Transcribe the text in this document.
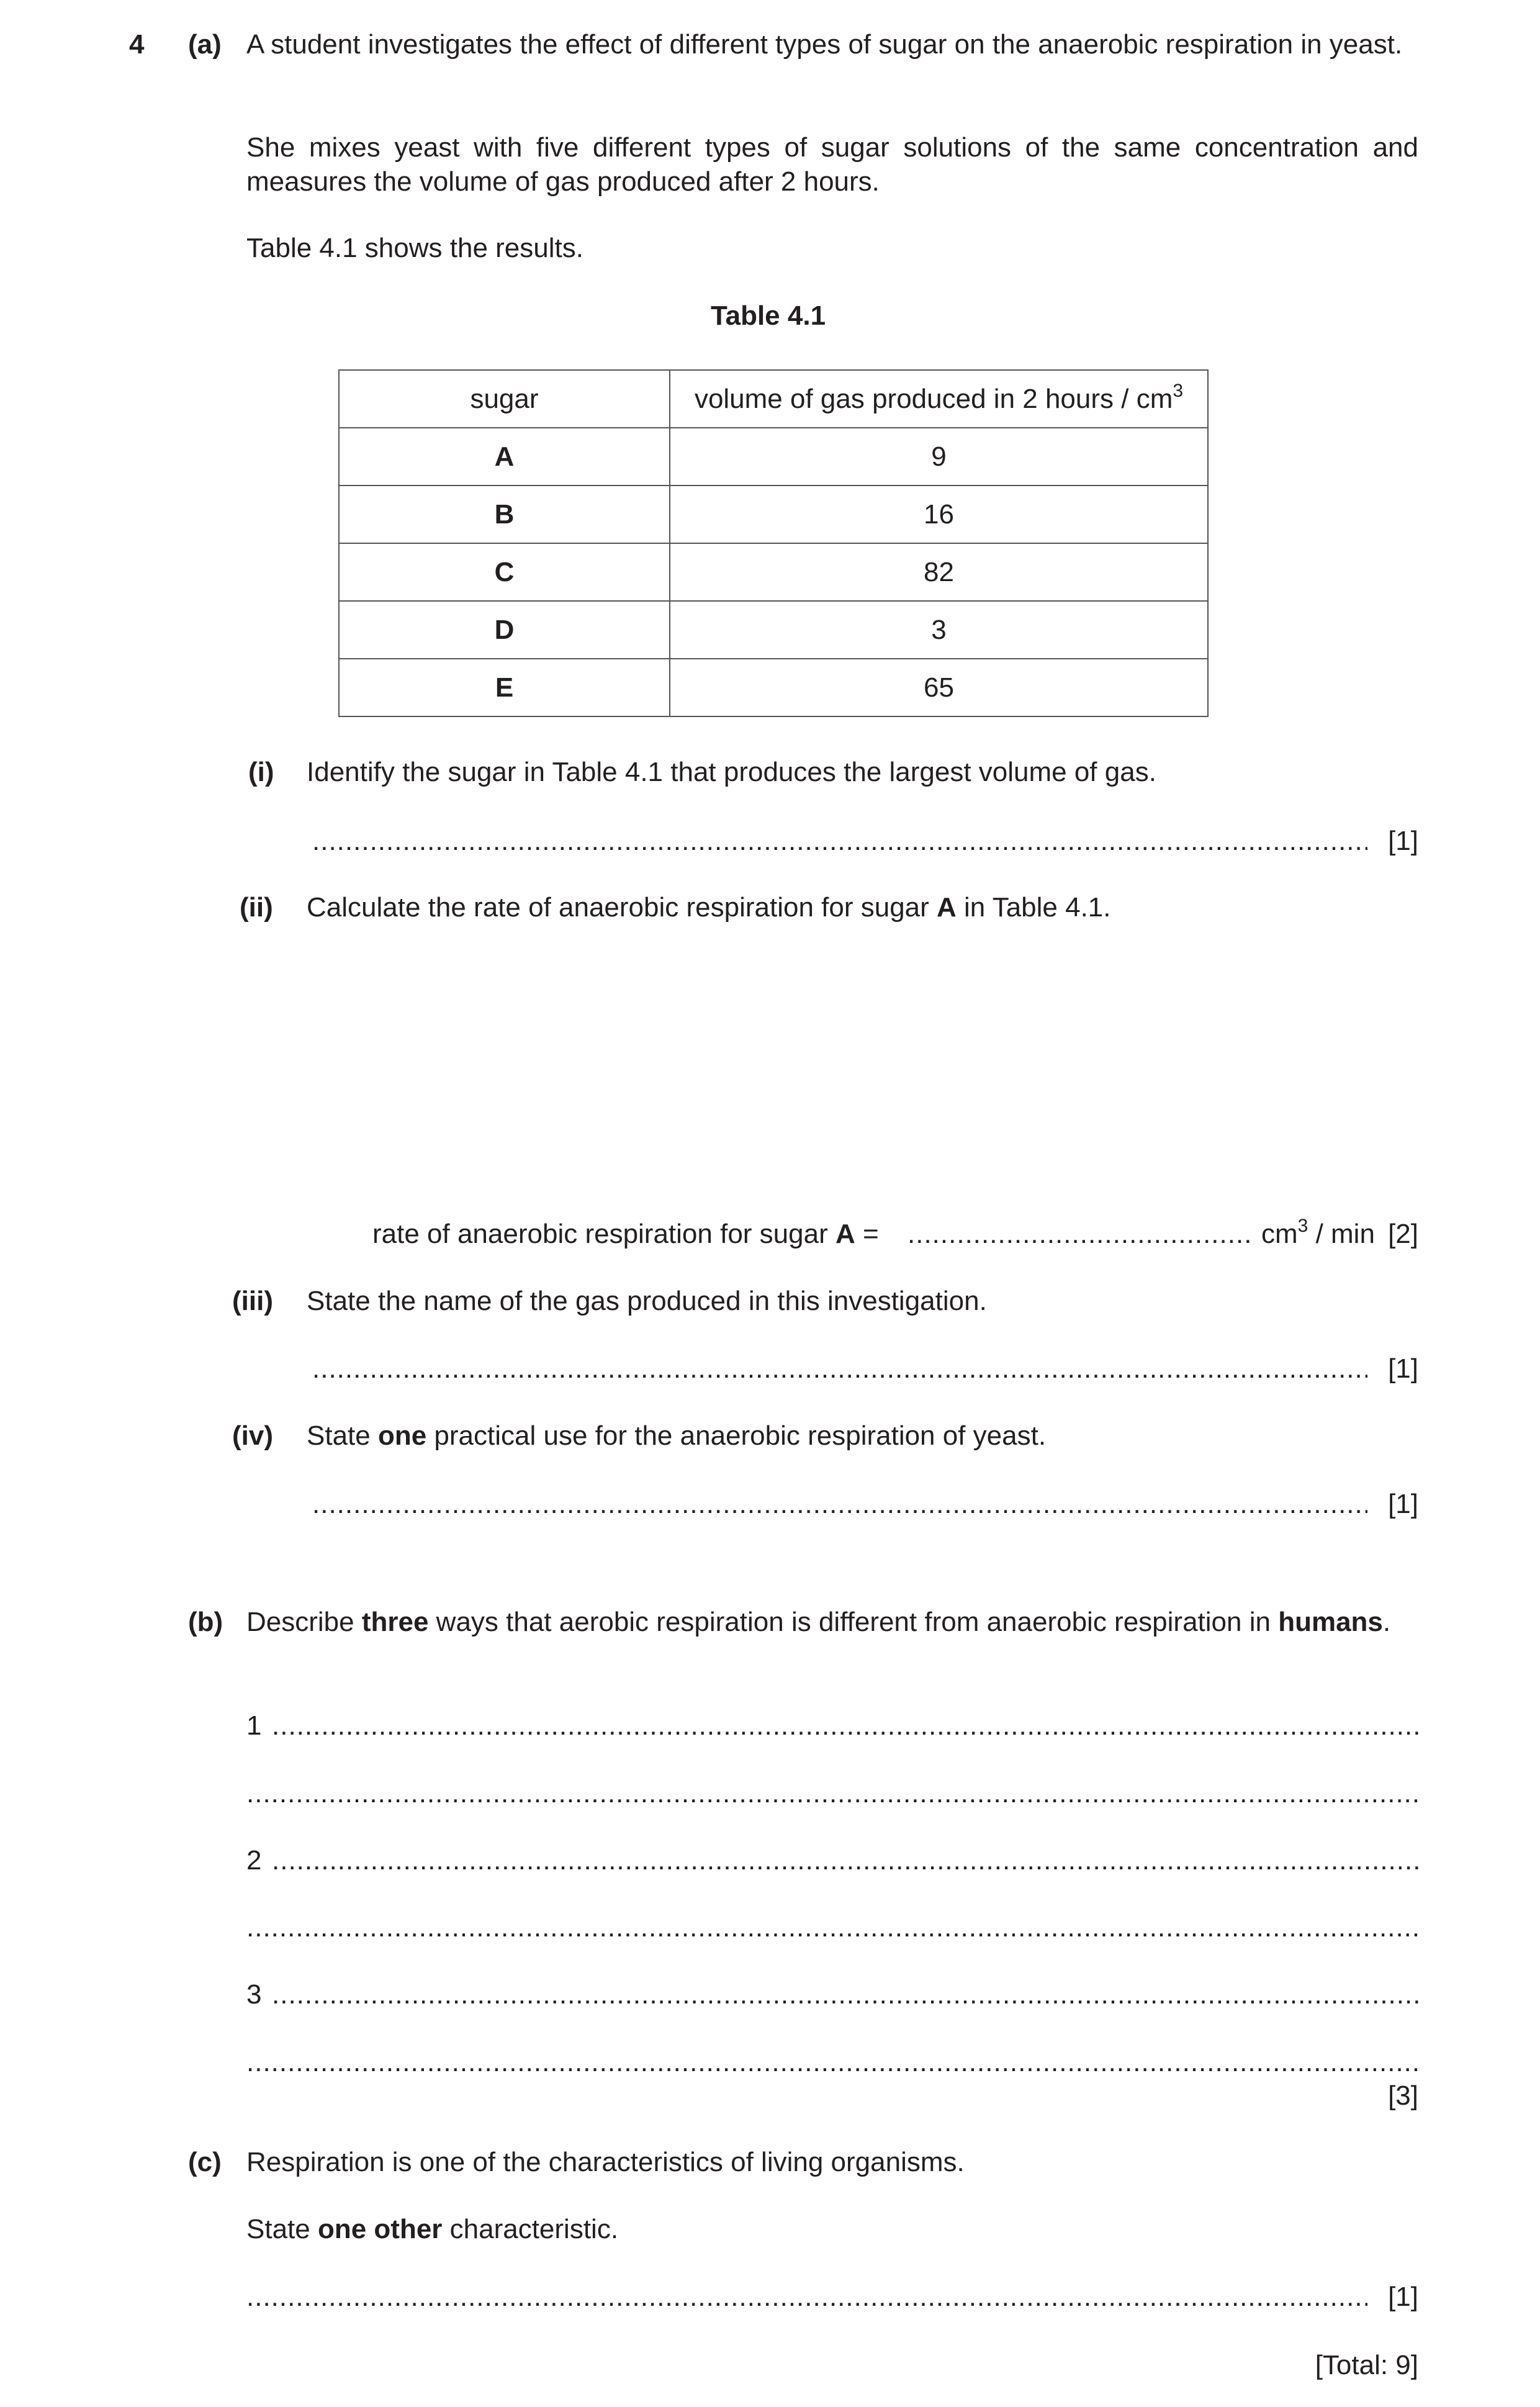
4 (a) A student investigates the effect of different types of sugar on the anaerobic respiration in yeast.
She mixes yeast with five different types of sugar solutions of the same concentration and measures the volume of gas produced after 2 hours.
Table 4.1 shows the results.
Table 4.1
sugar	volume of gas produced in 2 hours / $cm^3$
A	9
B	16
C	82
D	3
E	65
(i) Identify the sugar in Table 4.1 that produces the largest volume of gas.
.....
[1]
(ii) Calculate the rate of anaerobic respiration for sugar A in Table 4.1.
rate of anaerobic respiration for sugar A = .....	$cm^3$ / min [2]
(iii) State the name of the gas produced in this investigation.
.....
[1]
(iv) State one practical use for the anaerobic respiration of yeast.
.....
[1]
(b) Describe three ways that aerobic respiration is different from anaerobic respiration in humans.
1
.....
.....
2
.....
.....
3
.....
.....
[3]
(c) Respiration is one of the characteristics of living organisms.
State one other characteristic.
.....
[1]
[Total: 9]
